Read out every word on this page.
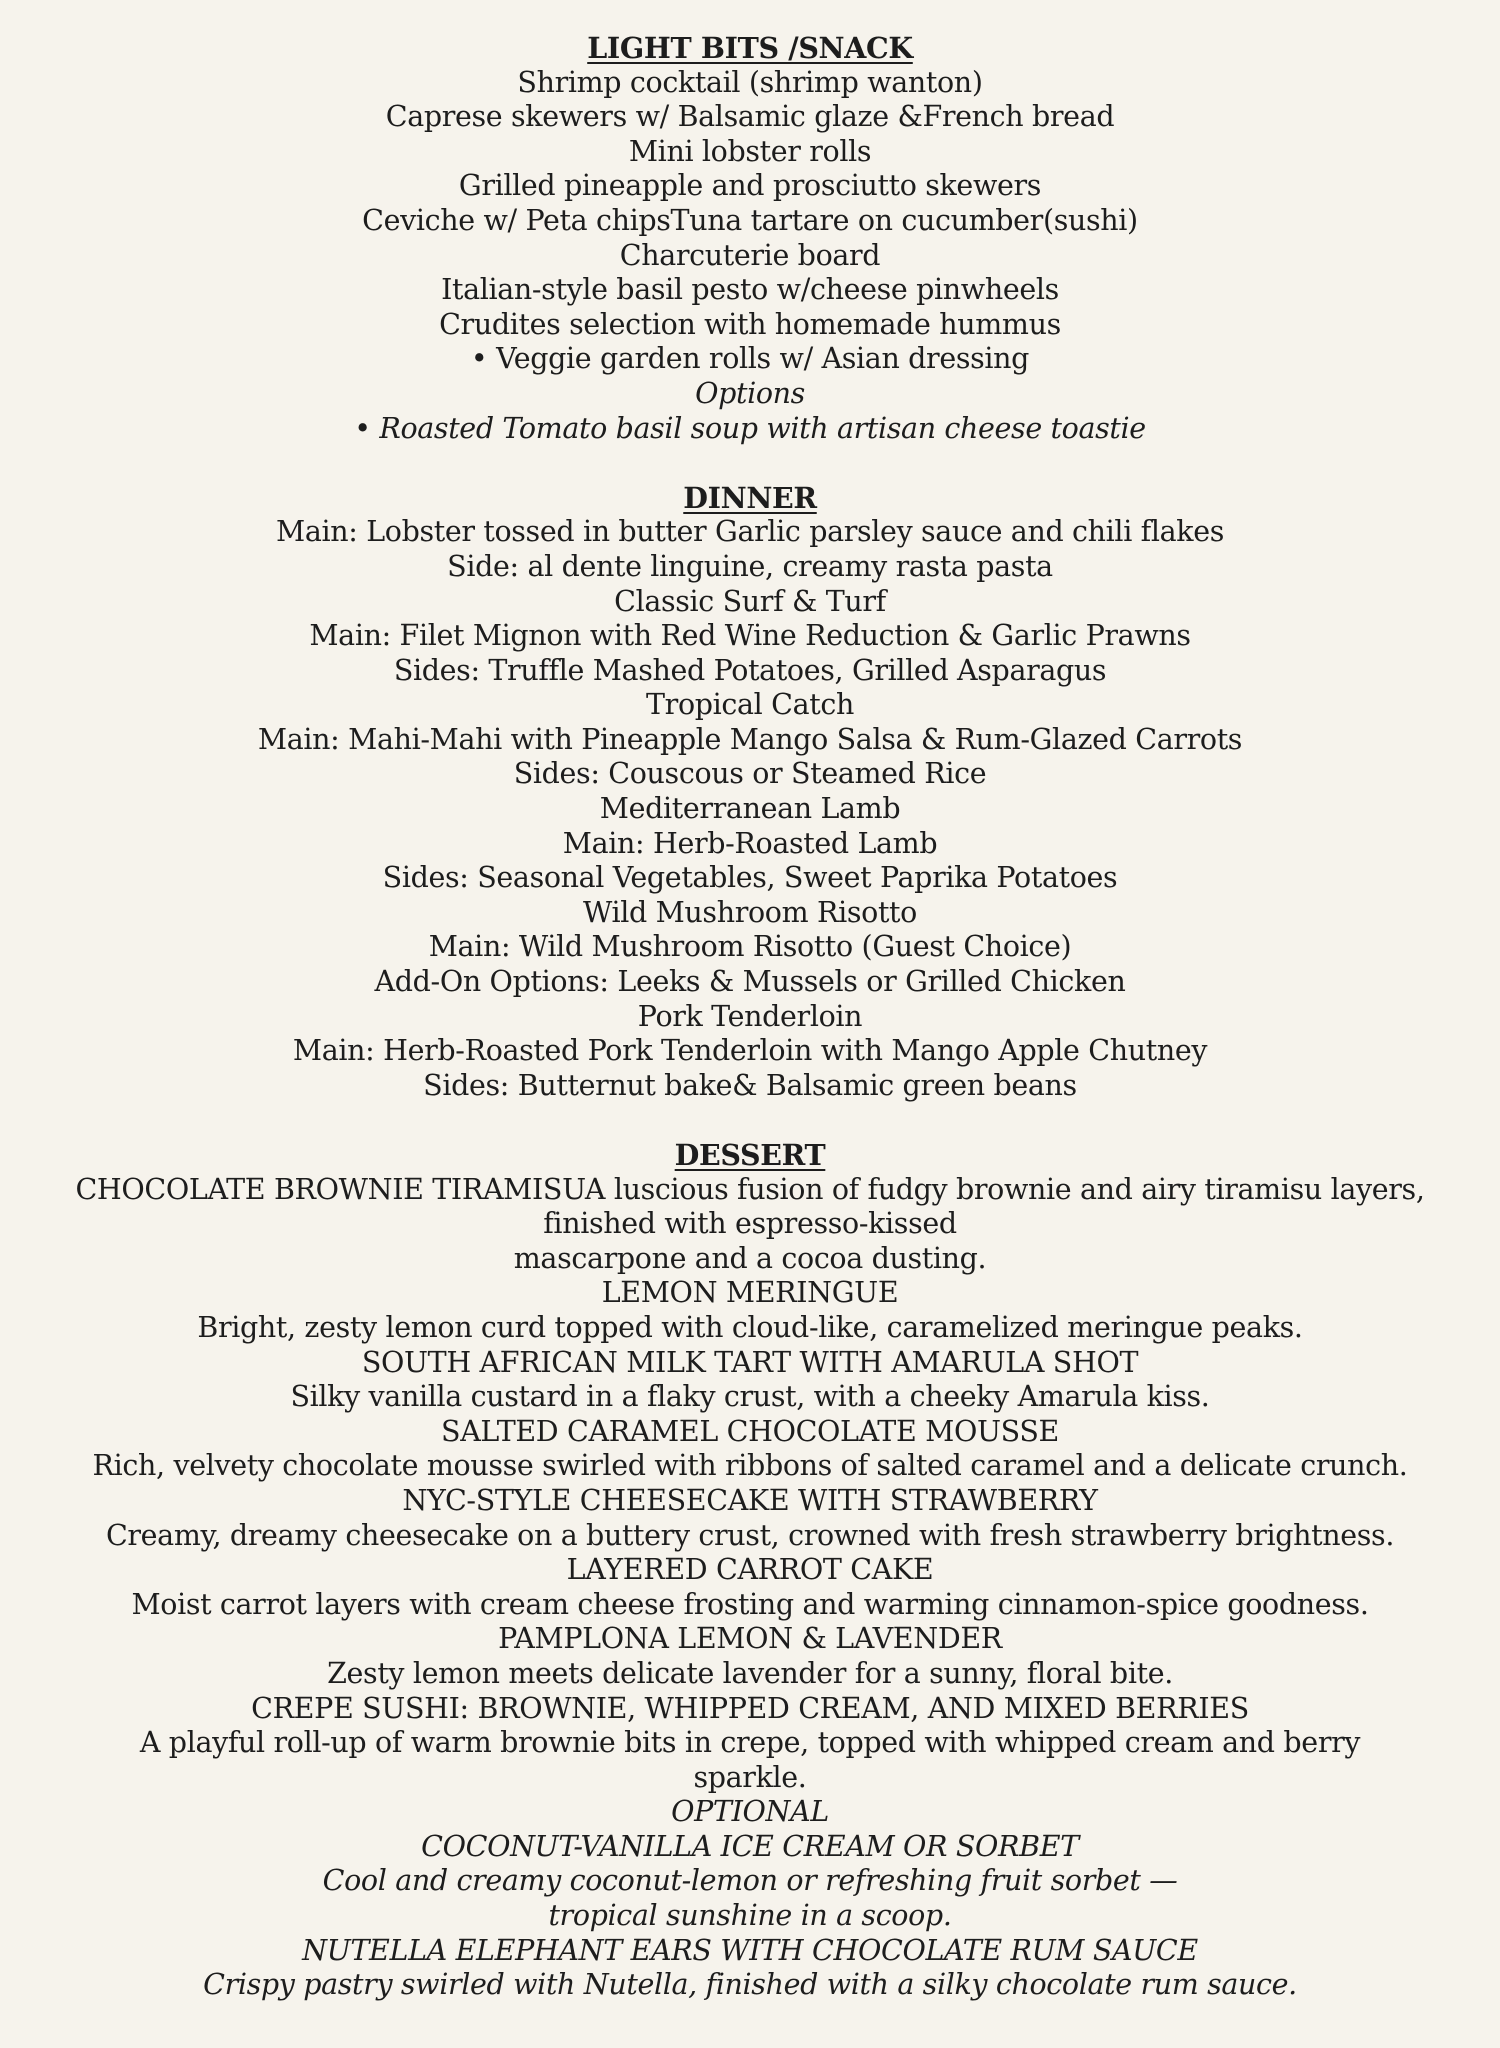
LIGHT BITS /SNACK
Shrimp cocktail (shrimp wanton)
Caprese skewers w/ Balsamic glaze &French bread
Mini lobster rolls
Grilled pineapple and prosciutto skewers
Ceviche w/ Peta chipsTuna tartare on cucumber(sushi)
Charcuterie board
Italian-style basil pesto w/cheese pinwheels
Crudites selection with homemade hummus
• Veggie garden rolls w/ Asian dressing
Options
• Roasted Tomato basil soup with artisan cheese toastie
DINNER
Main: Lobster tossed in butter Garlic parsley sauce and chili flakes
Side: al dente linguine, creamy rasta pasta
Classic Surf & Turf
Main: Filet Mignon with Red Wine Reduction & Garlic Prawns
Sides: Truffle Mashed Potatoes, Grilled Asparagus
Tropical Catch
Main: Mahi-Mahi with Pineapple Mango Salsa & Rum-Glazed Carrots
Sides: Couscous or Steamed Rice
Mediterranean Lamb
Main: Herb-Roasted Lamb
Sides: Seasonal Vegetables, Sweet Paprika Potatoes
Wild Mushroom Risotto
Main: Wild Mushroom Risotto (Guest Choice)
Add-On Options: Leeks & Mussels or Grilled Chicken
Pork Tenderloin
Main: Herb-Roasted Pork Tenderloin with Mango Apple Chutney
Sides: Butternut bake& Balsamic green beans
DESSERT
CHOCOLATE BROWNIE TIRAMISUA luscious fusion of fudgy brownie and airy tiramisu layers,
finished with espresso-kissed
mascarpone and a cocoa dusting.
LEMON MERINGUE
Bright, zesty lemon curd topped with cloud-like, caramelized meringue peaks.
SOUTH AFRICAN MILK TART WITH AMARULA SHOT
Silky vanilla custard in a flaky crust, with a cheeky Amarula kiss.
SALTED CARAMEL CHOCOLATE MOUSSE
Rich, velvety chocolate mousse swirled with ribbons of salted caramel and a delicate crunch.
NYC-STYLE CHEESECAKE WITH STRAWBERRY
Creamy, dreamy cheesecake on a buttery crust, crowned with fresh strawberry brightness.
LAYERED CARROT CAKE
Moist carrot layers with cream cheese frosting and warming cinnamon-spice goodness.
PAMPLONA LEMON & LAVENDER
Zesty lemon meets delicate lavender for a sunny, floral bite.
CREPE SUSHI: BROWNIE, WHIPPED CREAM, AND MIXED BERRIES
A playful roll-up of warm brownie bits in crepe, topped with whipped cream and berry
sparkle.
OPTIONAL
COCONUT-VANILLA ICE CREAM OR SORBET
Cool and creamy coconut-lemon or refreshing fruit sorbet —
tropical sunshine in a scoop.
NUTELLA ELEPHANT EARS WITH CHOCOLATE RUM SAUCE
Crispy pastry swirled with Nutella, finished with a silky chocolate rum sauce.
